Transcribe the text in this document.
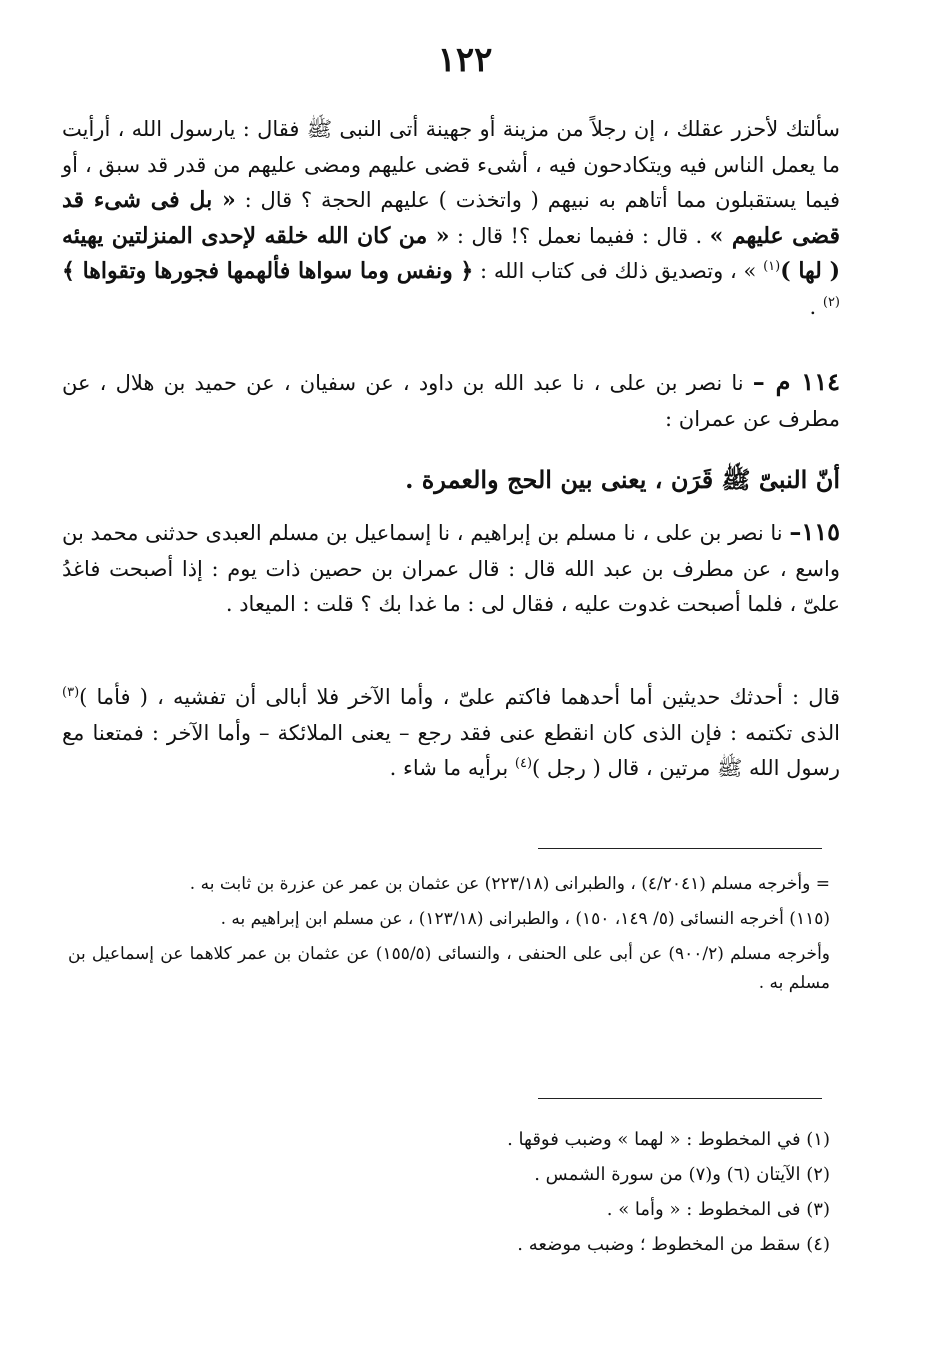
١٢٢

سألتك لأحزر عقلك ، إن رجلاً من مزينة أو جهينة أتى النبى ﷺ فقال : يارسول الله ، أرأيت ما يعمل الناس فيه ويتكادحون فيه ، أشىء قضى عليهم ومضى عليهم من قدر قد سبق ، أو فيما يستقبلون مما أتاهم به نبيهم ( واتخذت ) عليهم الحجة ؟ قال : « بل فى شىء قد قضى عليهم » . قال : ففيما نعمل ؟! قال : « من كان الله خلقه لإحدى المنزلتين يهيئه ( لها )$^{(١)}$ » ، وتصديق ذلك فى كتاب الله : ﴿ ونفس وما سواها فألهمها فجورها وتقواها ﴾ $^{(٢)}$ .

١١٤ م – نا نصر بن على ، نا عبد الله بن داود ، عن سفيان ، عن حميد بن هلال ، عن مطرف عن عمران :

أنّ النبىّ ﷺ قَرَن ، يعنى بين الحج والعمرة .

١١٥– نا نصر بن على ، نا مسلم بن إبراهيم ، نا إسماعيل بن مسلم العبدى حدثنى محمد بن واسع ، عن مطرف بن عبد الله قال : قال عمران بن حصين ذات يوم : إذا أصبحت فاغدُ علىّ ، فلما أصبحت غدوت عليه ، فقال لى : ما غدا بك ؟ قلت : الميعاد .

قال : أحدثك حديثين أما أحدهما فاكتم علىّ ، وأما الآخر فلا أبالى أن تفشيه ، ( فأما )$^{(٣)}$ الذى تكتمه : فإن الذى كان انقطع عنى فقد رجع – يعنى الملائكة – وأما الآخر : فمتعنا مع رسول الله ﷺ مرتين ، قال ( رجل )$^{(٤)}$ برأيه ما شاء .

= وأخرجه مسلم (٤/٢٠٤١) ، والطبرانى (٢٢٣/١٨) عن عثمان بن عمر عن عزرة بن ثابت به .

(١١٥) أخرجه النسائى (٥/ ١٤٩، ١٥٠) ، والطبرانى (١٢٣/١٨) ، عن مسلم ابن إبراهيم به .

وأخرجه مسلم (٩٠٠/٢) عن أبى على الحنفى ، والنسائى (١٥٥/٥) عن عثمان بن عمر كلاهما عن إسماعيل بن مسلم به .

(١) في المخطوط : « لهما » وضبب فوقها .

(٢) الآيتان (٦) و(٧) من سورة الشمس .

(٣) فى المخطوط : « وأما » .

(٤) سقط من المخطوط ؛ وضبب موضعه .
